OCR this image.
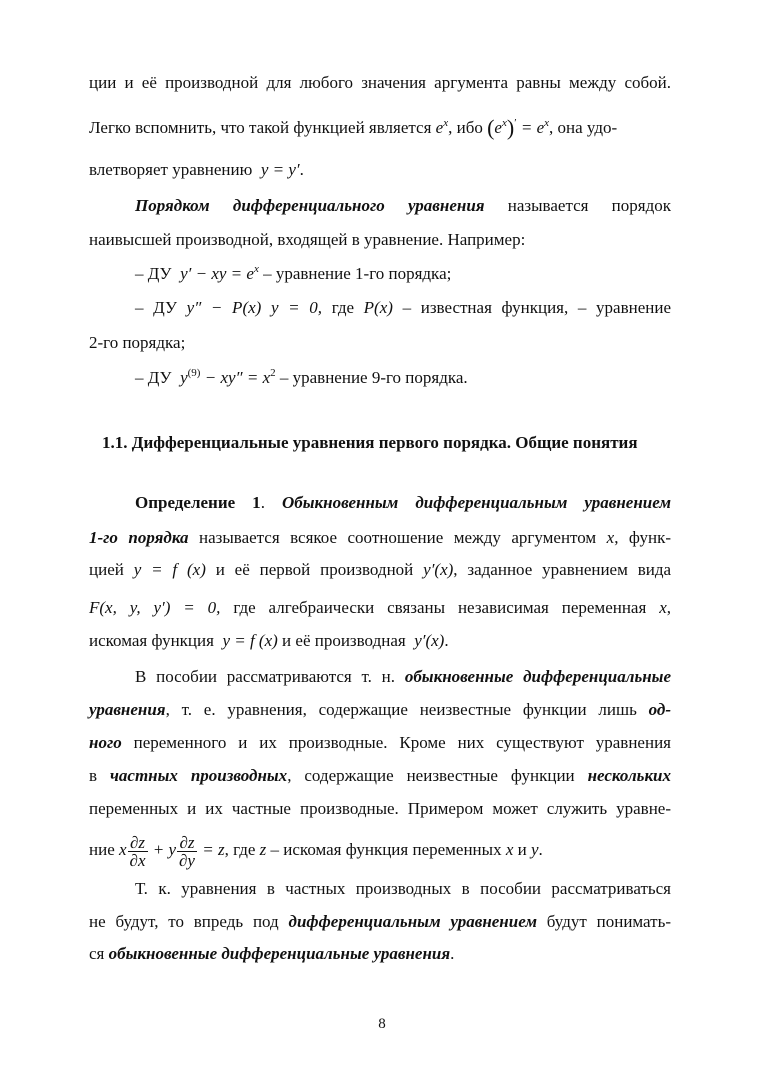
ции и её производной для любого значения аргумента равны между собой.
Легко вспомнить, что такой функцией является $e^x$, ибо $(e^x)' = e^x$, она удо-
влетворяет уравнению y = y′.
Порядком дифференциального уравнения называется порядок
наивысшей производной, входящей в уравнение. Например:
– ДУ y′ − xy = $e^x$ – уравнение 1-го порядка;
– ДУ y″ − P(x) y = 0, где P(x) – известная функция, – уравнение
2-го порядка;
– ДУ $y^{(9)} - xy'' = x^2$ – уравнение 9-го порядка.
1.1. Дифференциальные уравнения первого порядка. Общие понятия
Определение 1. Обыкновенным дифференциальным уравнением
1-го порядка называется всякое соотношение между аргументом x, функ-
цией y = f (x) и её первой производной y′(x), заданное уравнением вида
F(x, y, y′) = 0, где алгебраически связаны независимая переменная x,
искомая функция y = f (x) и её производная y′(x).
В пособии рассматриваются т. н. обыкновенные дифференциальные
уравнения, т. е. уравнения, содержащие неизвестные функции лишь од-
ного переменного и их производные. Кроме них существуют уравнения
в частных производных, содержащие неизвестные функции нескольких
переменных и их частные производные. Примером может служить уравне-
ние x $\frac{\partial z}{\partial x} + y \frac{\partial z}{\partial y} = z$, где z – искомая функция переменных x и y.
Т. к. уравнения в частных производных в пособии рассматриваться
не будут, то впредь под дифференциальным уравнением будут понимать-
ся обыкновенные дифференциальные уравнения.
8
